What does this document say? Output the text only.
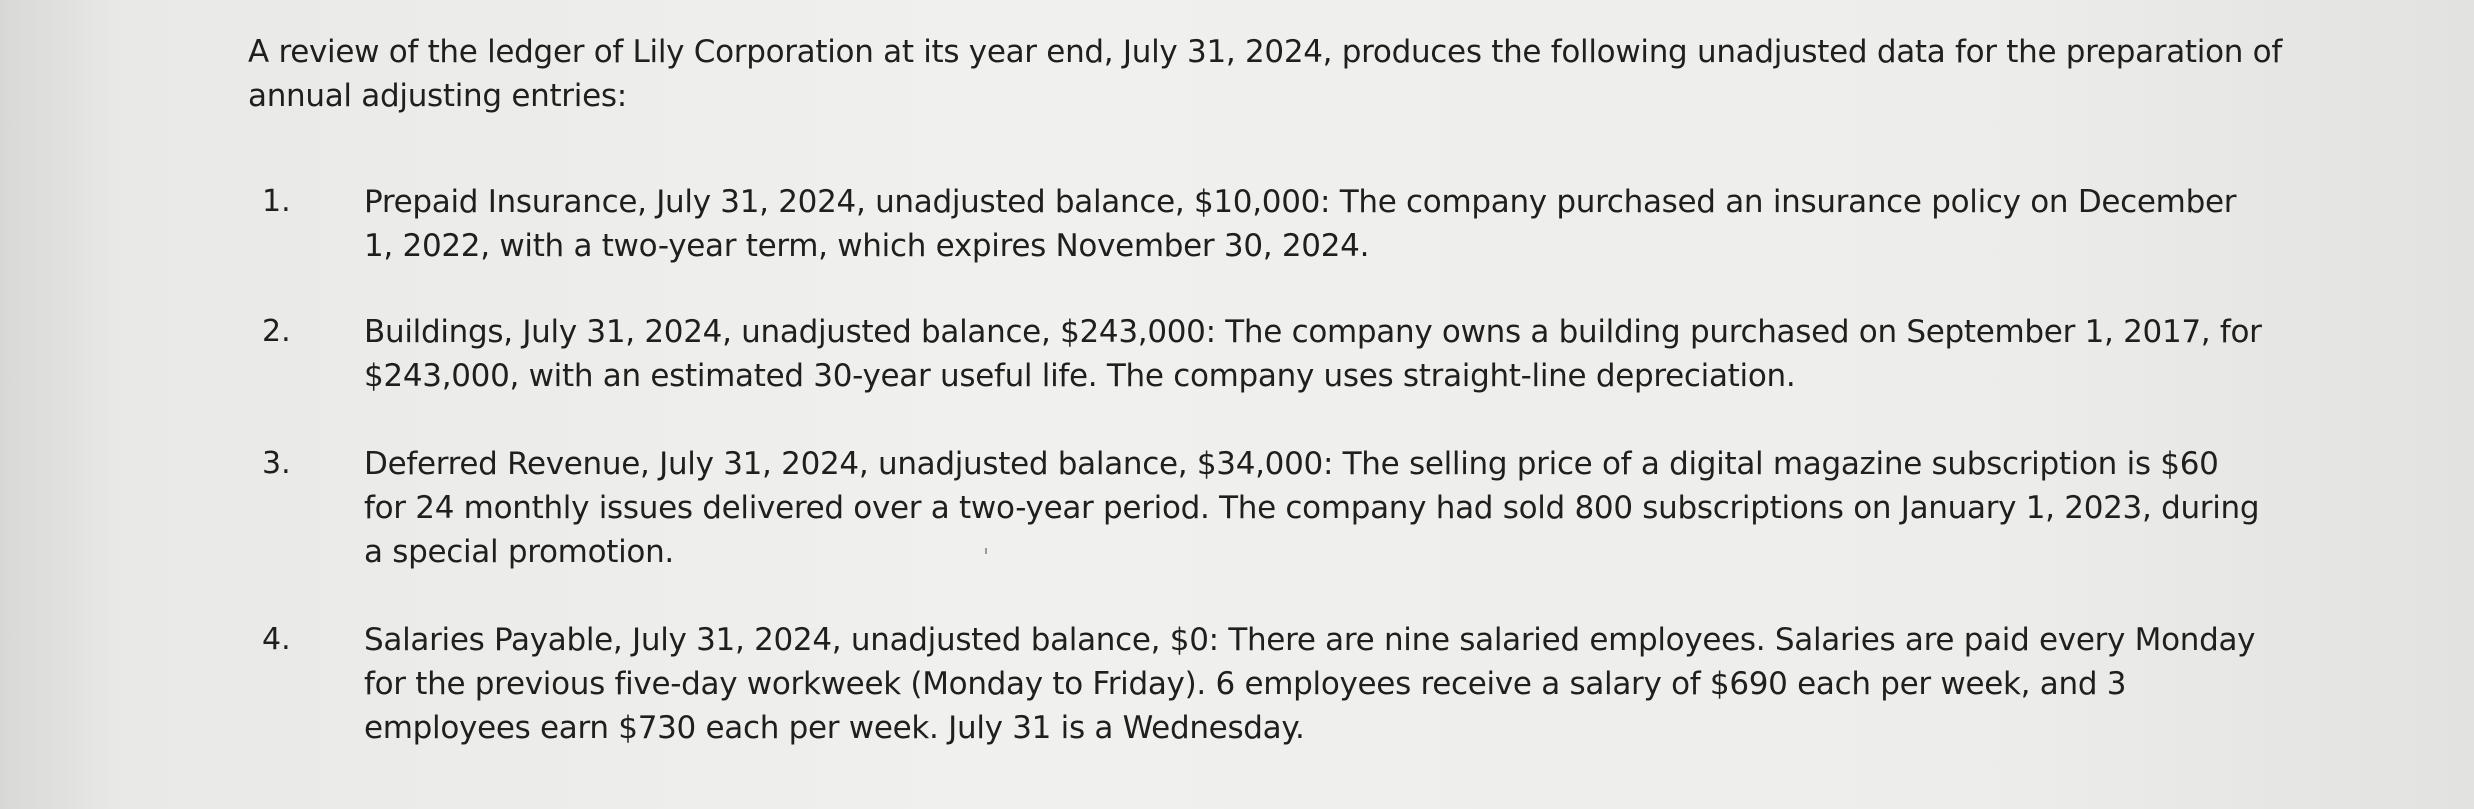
A review of the ledger of Lily Corporation at its year end, July 31, 2024, produces the following unadjusted data for the preparation of annual adjusting entries:
1.	Prepaid Insurance, July 31, 2024, unadjusted balance, $10,000: The company purchased an insurance policy on December 1, 2022, with a two-year term, which expires November 30, 2024.
2.	Buildings, July 31, 2024, unadjusted balance, $243,000: The company owns a building purchased on September 1, 2017, for $243,000, with an estimated 30-year useful life. The company uses straight-line depreciation.
3.	Deferred Revenue, July 31, 2024, unadjusted balance, $34,000: The selling price of a digital magazine subscription is $60 for 24 monthly issues delivered over a two-year period. The company had sold 800 subscriptions on January 1, 2023, during a special promotion.
4.	Salaries Payable, July 31, 2024, unadjusted balance, $0: There are nine salaried employees. Salaries are paid every Monday for the previous five-day workweek (Monday to Friday). 6 employees receive a salary of $690 each per week, and 3 employees earn $730 each per week. July 31 is a Wednesday.
